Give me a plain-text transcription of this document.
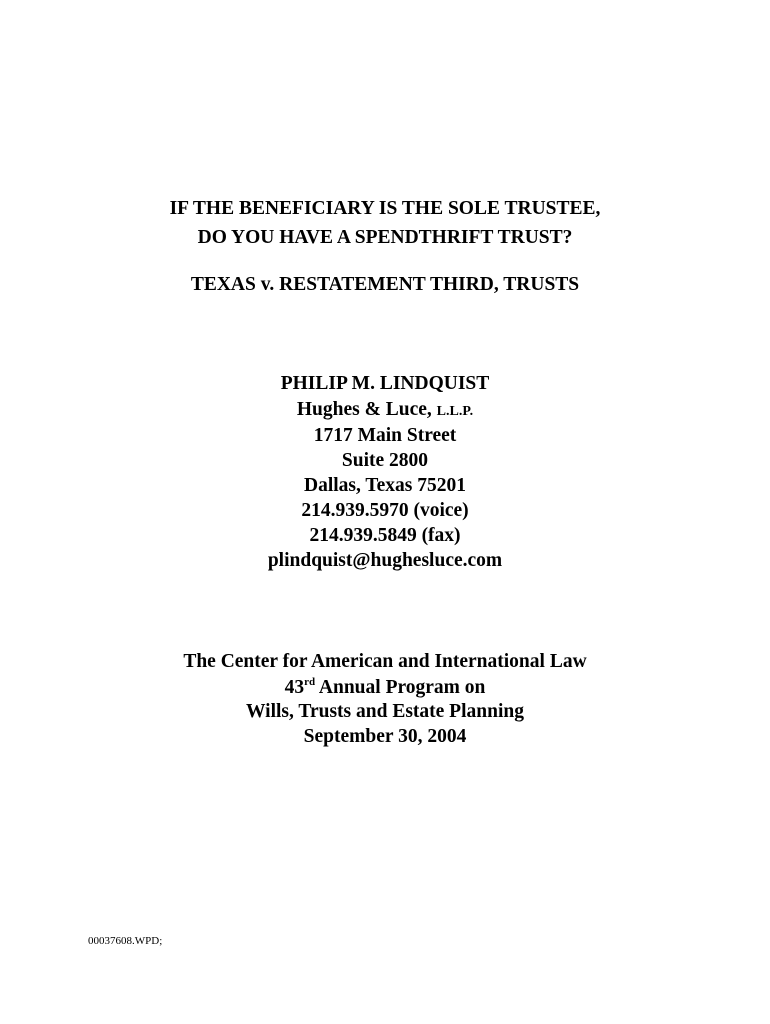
IF THE BENEFICIARY IS THE SOLE TRUSTEE,
DO YOU HAVE A SPENDTHRIFT TRUST?
TEXAS v. RESTATEMENT THIRD, TRUSTS
PHILIP M. LINDQUIST
Hughes & Luce, L.L.P.
1717 Main Street
Suite 2800
Dallas, Texas 75201
214.939.5970 (voice)
214.939.5849 (fax)
plindquist@hughesluce.com
The Center for American and International Law
43rd Annual Program on
Wills, Trusts and Estate Planning
September 30, 2004
00037608.WPD;
